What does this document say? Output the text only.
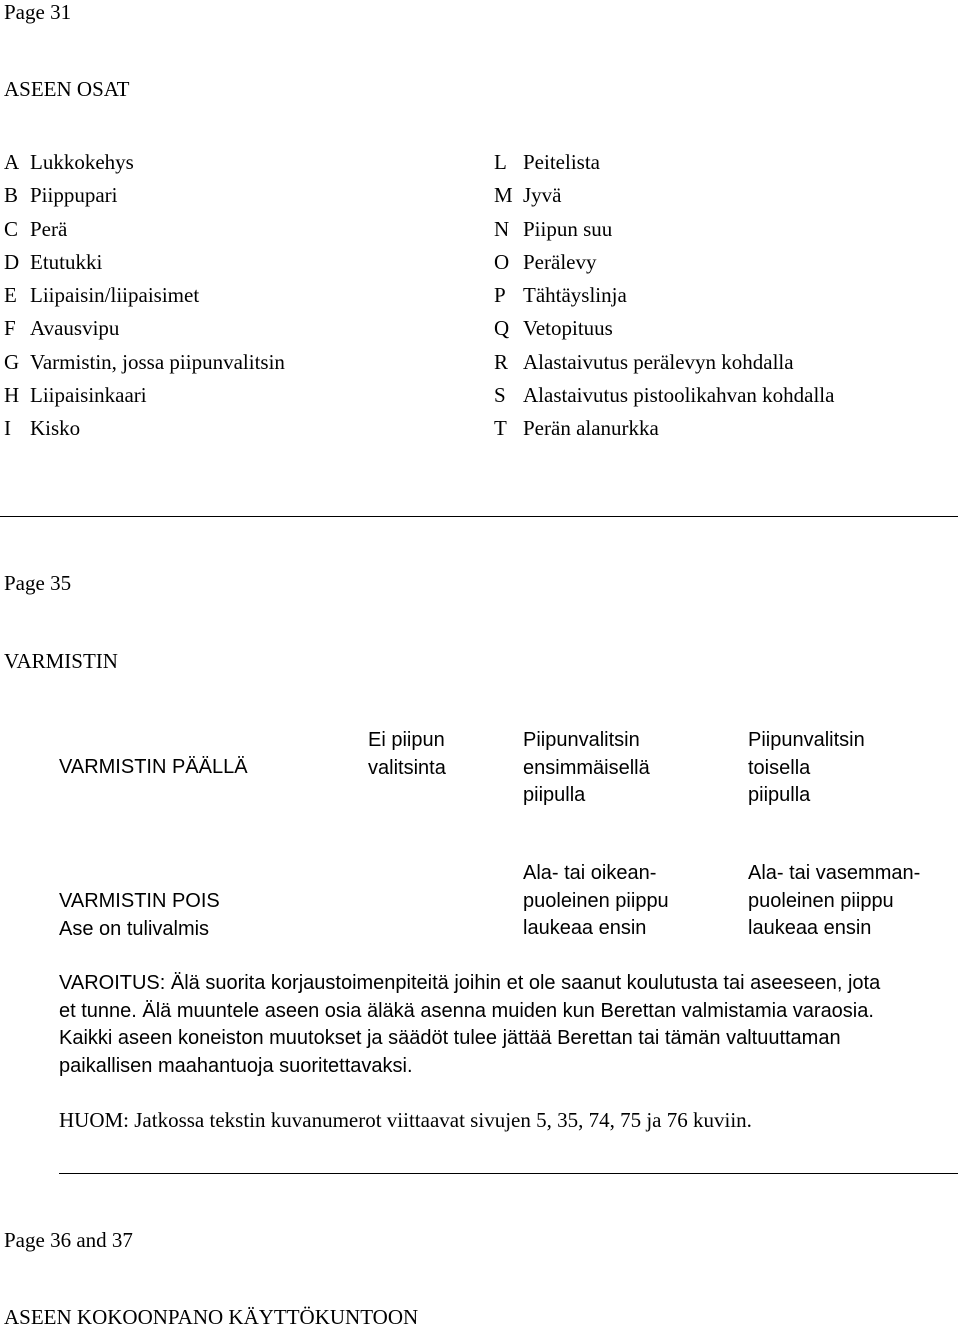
Page 31
ASEEN OSAT
A Lukkokehys
B Piippupari
C Perä
D Etutukki
E Liipaisin/liipaisimet
F Avausvipu
G Varmistin, jossa piipunvalitsin
H Liipaisinkaari
I Kisko
L Peitelista
M Jyvä
N Piipun suu
O Perälevy
P Tähtäyslinja
Q Vetopituus
R Alastaivutus perälevyn kohdalla
S Alastaivutus pistoolikahvan kohdalla
T Perän alanurkka
Page 35
VARMISTIN
VARMISTIN PÄÄLLÄ
Ei piipun
valitsinta
Piipunvalitsin
ensimmäisellä
piipulla
Piipunvalitsin
toisella
piipulla
VARMISTIN POIS
Ase on tulivalmis
Ala- tai oikean-
puoleinen piippu
laukeaa ensin
Ala- tai vasemman-
puoleinen piippu
laukeaa ensin
VAROITUS: Älä suorita korjaustoimenpiteitä joihin et ole saanut koulutusta tai aseeseen, jota
et tunne. Älä muuntele aseen osia äläkä asenna muiden kun Berettan valmistamia varaosia.
Kaikki aseen koneiston muutokset ja säädöt tulee jättää Berettan tai tämän valtuuttaman
paikallisen maahantuoja suoritettavaksi.
HUOM: Jatkossa tekstin kuvanumerot viittaavat sivujen 5, 35, 74, 75 ja 76 kuviin.
Page 36 and 37
ASEEN KOKOONPANO KÄYTTÖKUNTOON
